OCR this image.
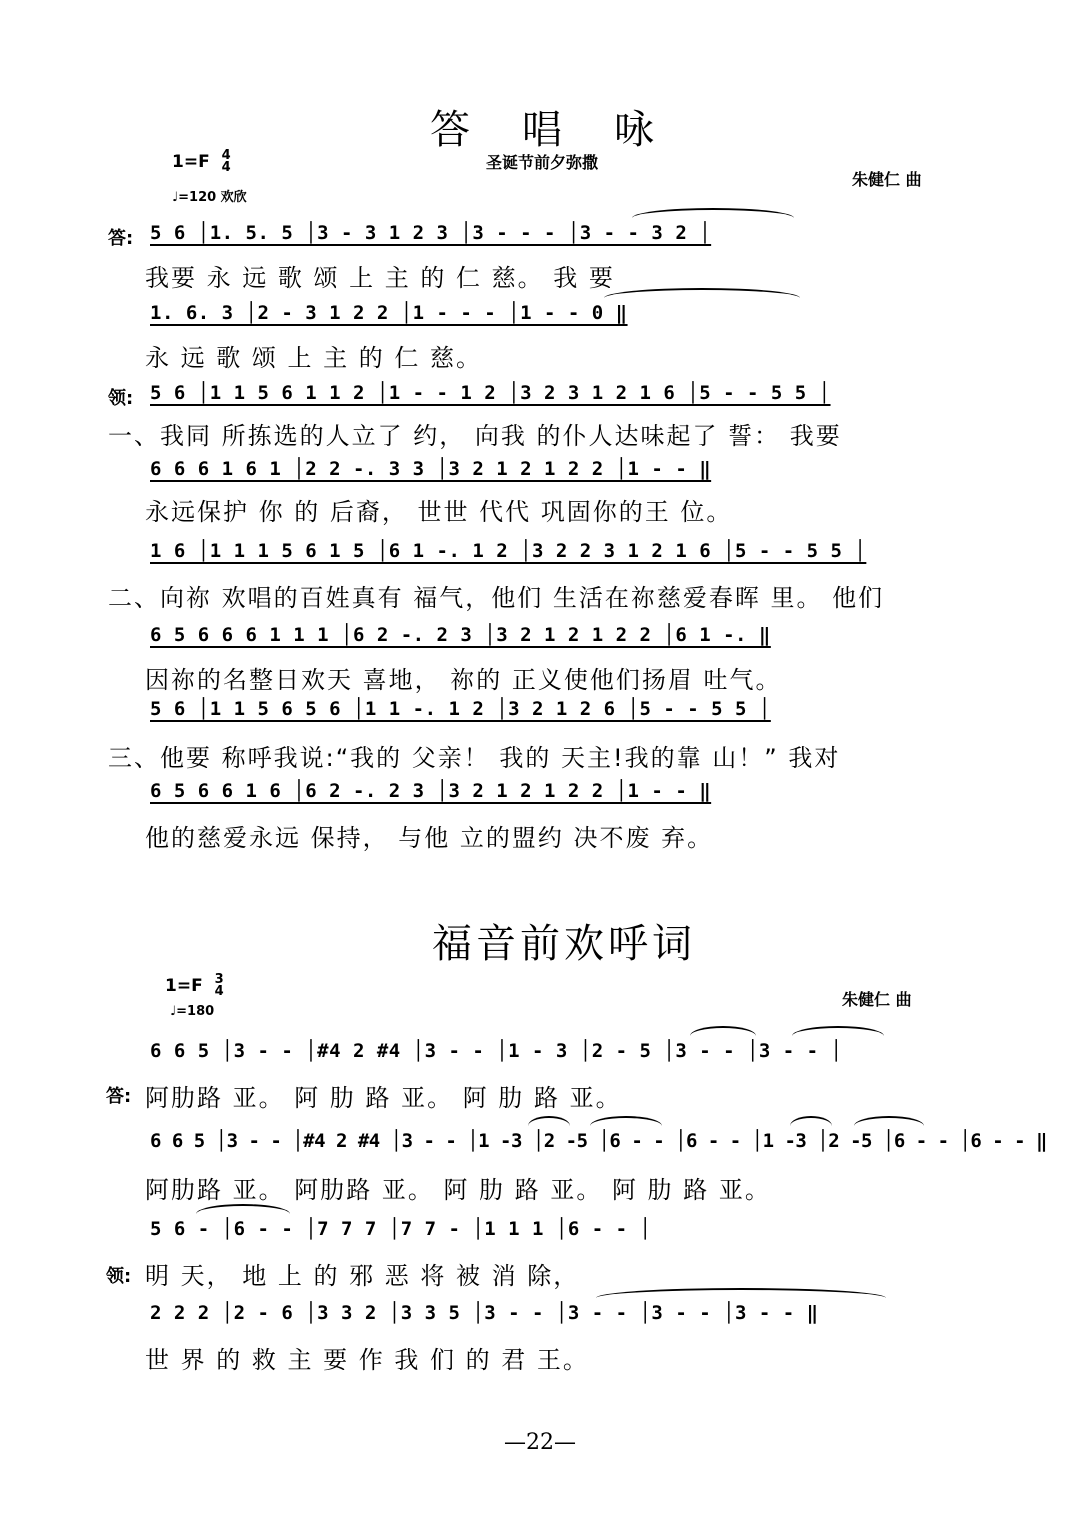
答　唱　咏
1=F 4
4	圣诞节前夕弥撒
♩=120 欢欣
朱健仁 曲
答: 5 6 │1. 5. 5 │3 - 3 1 2 3 │3 - - - │3 - - 3 2 │
我要 永 远 歌 颂 上 主 的 仁 慈。 我 要
1. 6. 3 │2 - 3 1 2 2 │1 - - - │1 - - 0 ‖
永 远 歌 颂 上 主 的 仁 慈。
领: 5 6 │1 1 5 6 1 1 2 │1 - - 1 2 │3 2 3 1 2 1 6 │5 - - 5 5 │
一、我同 所拣选的人立了 约， 向我 的仆人达味起了 誓： 我要
6 6 6 1 6 1 │2 2 -. 3 3 │3 2 1 2 1 2 2 │1 - - ‖
永远保护 你 的 后裔， 世世 代代 巩固你的王 位。
1 6 │1 1 1 5 6 1 5 │6 1 -. 1 2 │3 2 2 3 1 2 1 6 │5 - - 5 5 │
二、向祢 欢唱的百姓真有 福气，他们 生活在祢慈爱春晖 里。 他们
6 5 6 6 6 1 1 1 │6 2 -. 2 3 │3 2 1 2 1 2 2 │6 1 -. ‖
因祢的名整日欢天 喜地， 祢的 正义使他们扬眉 吐气。
5 6 │1 1 5 6 5 6 │1 1 -. 1 2 │3 2 1 2 6 │5 - - 5 5 │
三、他要 称呼我说:“我的 父亲！ 我的 天主!我的靠 山！” 我对
6 5 6 6 1 6 │6 2 -. 2 3 │3 2 1 2 1 2 2 │1 - - ‖
他的慈爱永远 保持， 与他 立的盟约 决不废 弃。
福音前欢呼词
1=F 3
4
♩=180
朱健仁 曲
6 6 5 │3 - - │#4 2 #4 │3 - - │1 - 3 │2 - 5 │3 - - │3 - - │
答: 阿肋路 亚。 阿 肋 路 亚。 阿 肋 路 亚。
6 6 5 │3 - - │#4 2 #4 │3 - - │1 -3 │2 -5 │6 - - │6 - - │1 -3 │2 -5 │6 - - │6 - - ‖
阿肋路 亚。 阿肋路 亚。 阿 肋 路 亚。 阿 肋 路 亚。
5 6 - │6 - - │7 7 7 │7 7 - │1 1 1 │6 - - │
领: 明 天， 地 上 的 邪 恶 将 被 消 除，
2 2 2 │2 - 6 │3 3 2 │3 3 5 │3 - - │3 - - │3 - - │3 - - ‖
世 界 的 救 主 要 作 我 们 的 君 王。
—22—
